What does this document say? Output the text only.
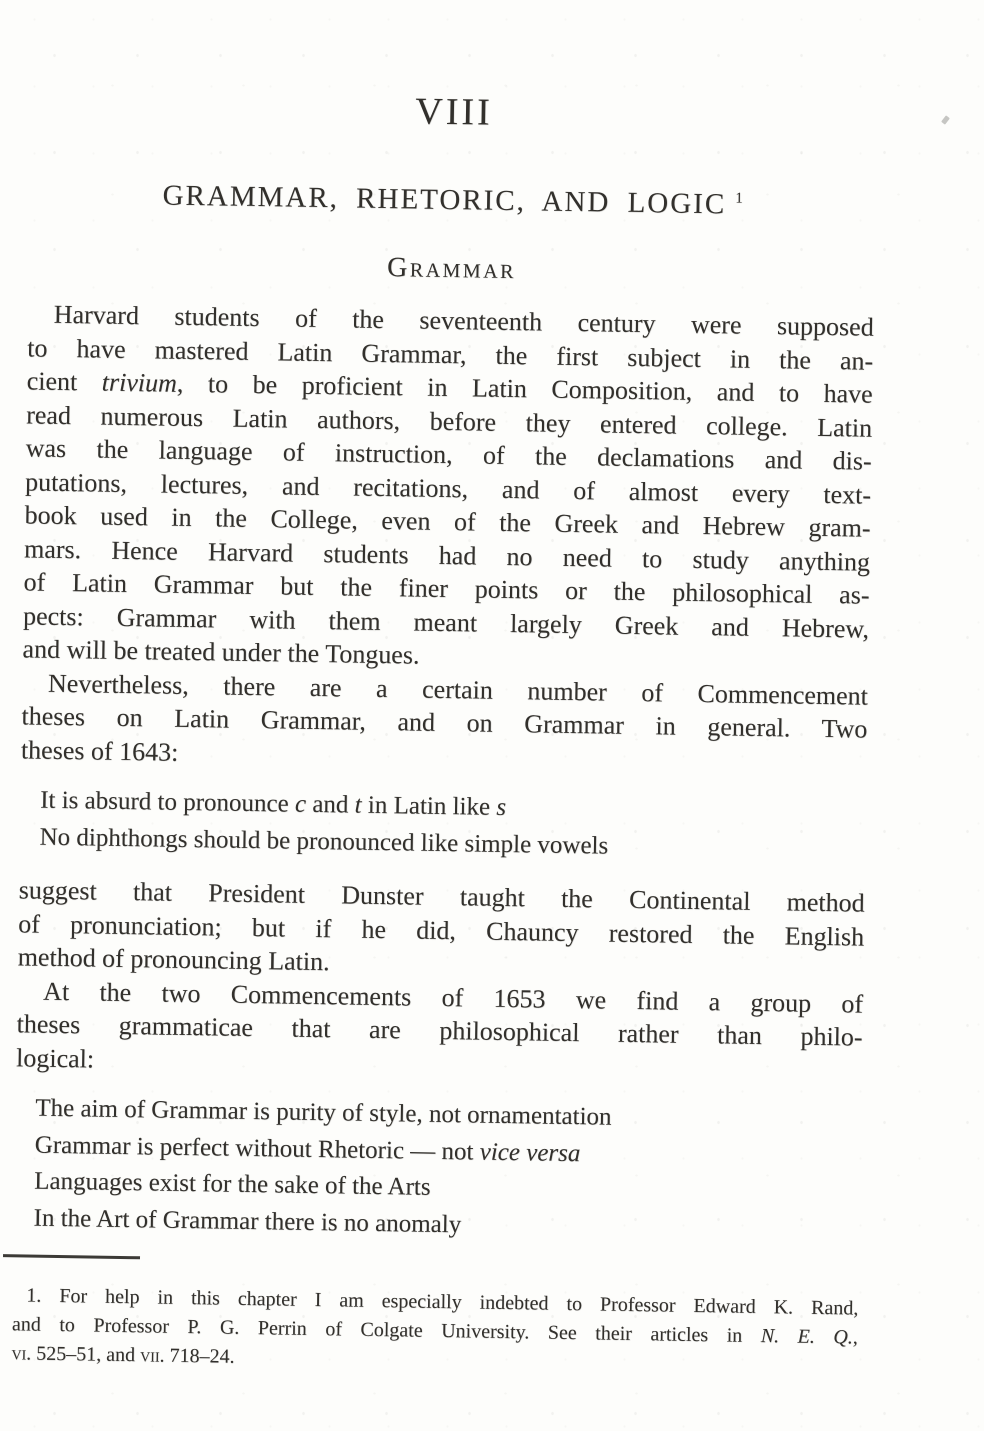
VIII
GRAMMAR, RHETORIC, AND LOGIC $^1$
Grammar
Harvard students of the seventeenth century were supposed
to have mastered Latin Grammar, the first subject in the an-
cient trivium, to be proficient in Latin Composition, and to have
read numerous Latin authors, before they entered college. Latin
was the language of instruction, of the declamations and dis-
putations, lectures, and recitations, and of almost every text-
book used in the College, even of the Greek and Hebrew gram-
mars. Hence Harvard students had no need to study anything
of Latin Grammar but the finer points or the philosophical as-
pects: Grammar with them meant largely Greek and Hebrew,
and will be treated under the Tongues.
Nevertheless, there are a certain number of Commencement
theses on Latin Grammar, and on Grammar in general. Two
theses of 1643:
It is absurd to pronounce c and t in Latin like s
No diphthongs should be pronounced like simple vowels
suggest that President Dunster taught the Continental method
of pronunciation; but if he did, Chauncy restored the English
method of pronouncing Latin.
At the two Commencements of 1653 we find a group of
theses grammaticae that are philosophical rather than philo-
logical:
The aim of Grammar is purity of style, not ornamentation
Grammar is perfect without Rhetoric — not vice versa
Languages exist for the sake of the Arts
In the Art of Grammar there is no anomaly
1. For help in this chapter I am especially indebted to Professor Edward K. Rand,
and to Professor P. G. Perrin of Colgate University. See their articles in N. E. Q.,
vi. 525–51, and vii. 718–24.
